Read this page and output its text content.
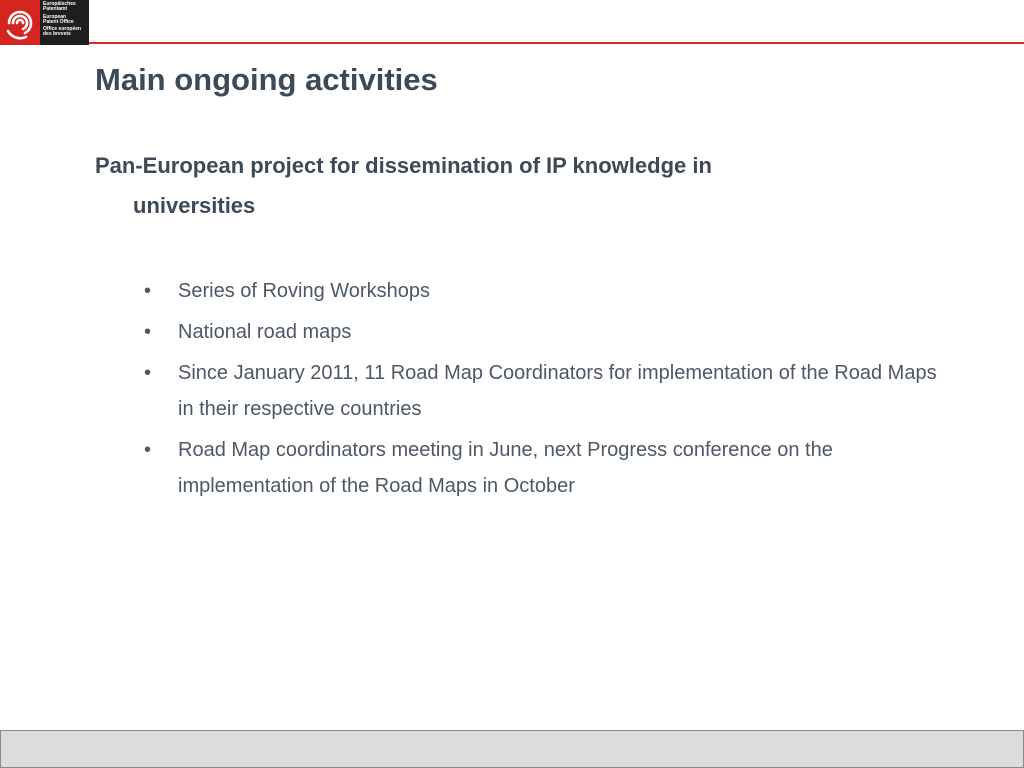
Europäisches
Patentamt
European
Patent Office
Office européen
des brevets
Main ongoing activities

Pan-European project for dissemination of IP knowledge in
universities

• Series of Roving Workshops
• National road maps
• Since January 2011, 11 Road Map Coordinators for implementation of the Road Maps in their respective countries
• Road Map coordinators meeting in June, next Progress conference on the implementation of the Road Maps in October
